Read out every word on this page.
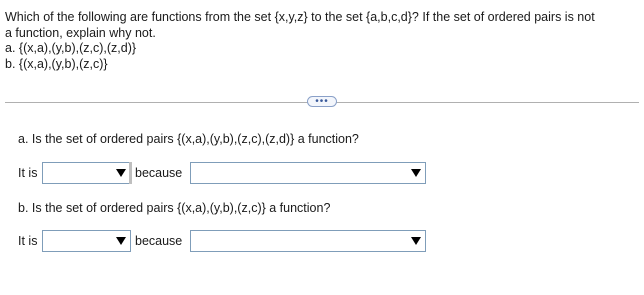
Which of the following are functions from the set {x,y,z} to the set {a,b,c,d}? If the set of ordered pairs is not
a function, explain why not.
a. {(x,a),(y,b),(z,c),(z,d)}
b. {(x,a),(y,b),(z,c)}
•••
a. Is the set of ordered pairs {(x,a),(y,b),(z,c),(z,d)} a function?
It is	because
b. Is the set of ordered pairs {(x,a),(y,b),(z,c)} a function?
It is	because
